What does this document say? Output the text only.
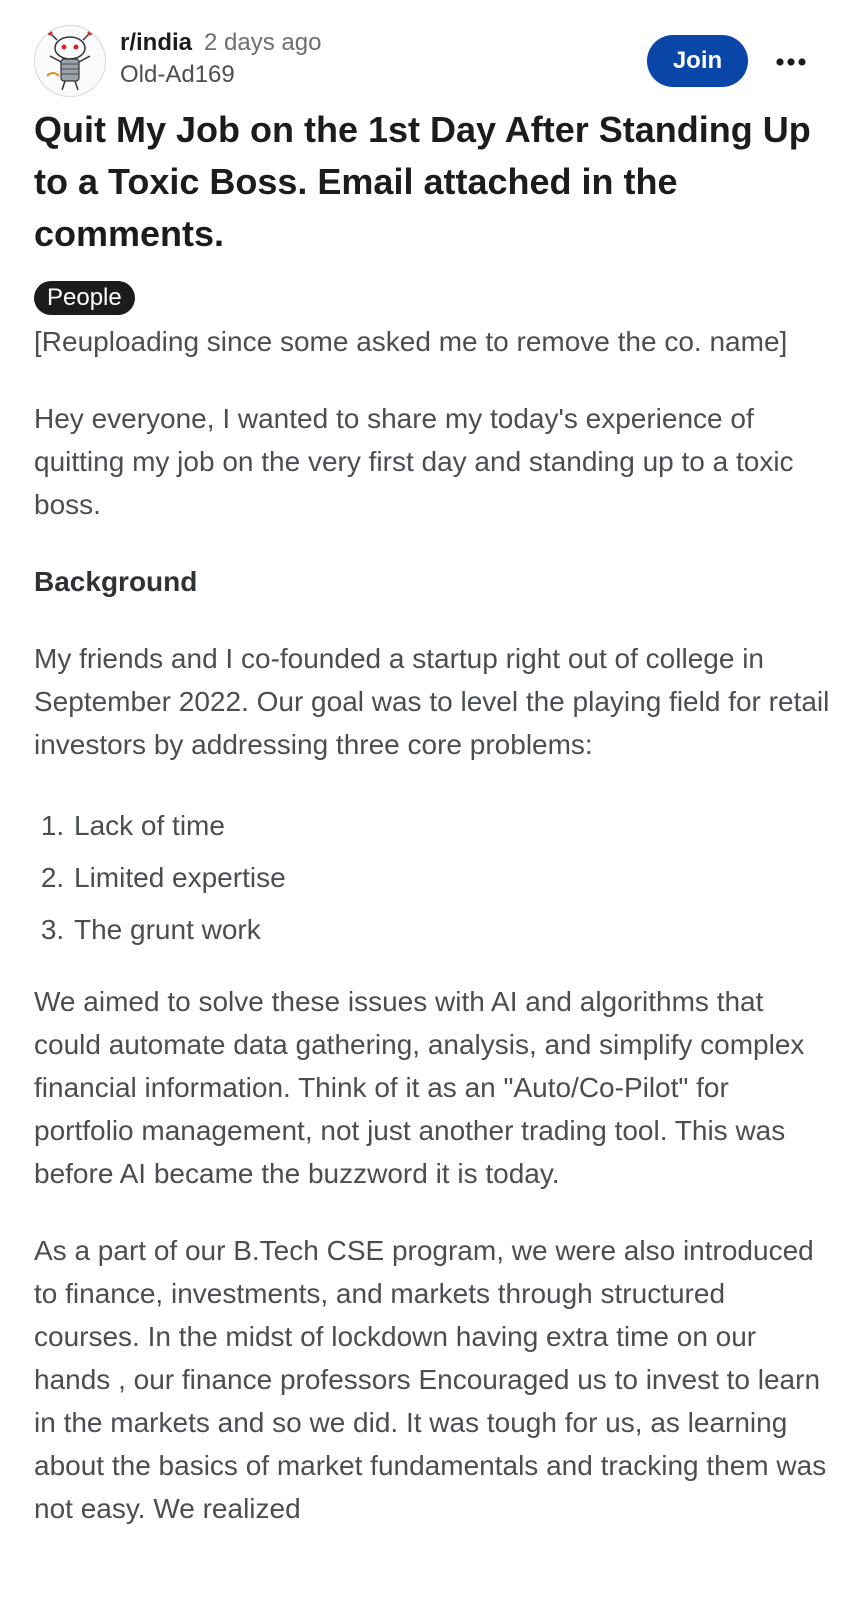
r/india 2 days ago
Old-Ad169
Join
Quit My Job on the 1st Day After Standing Up to a Toxic Boss. Email attached in the comments.
People

[Reuploading since some asked me to remove the co. name]

Hey everyone, I wanted to share my today's experience of quitting my job on the very first day and standing up to a toxic boss.

Background

My friends and I co-founded a startup right out of college in September 2022. Our goal was to level the playing field for retail investors by addressing three core problems:

1. Lack of time
2. Limited expertise
3. The grunt work

We aimed to solve these issues with AI and algorithms that could automate data gathering, analysis, and simplify complex financial information. Think of it as an "Auto/Co-Pilot" for portfolio management, not just another trading tool. This was before AI became the buzzword it is today.

As a part of our B.Tech CSE program, we were also introduced to finance, investments, and markets through structured courses. In the midst of lockdown having extra time on our hands , our finance professors Encouraged us to invest to learn in the markets and so we did. It was tough for us, as learning about the basics of market fundamentals and tracking them was not easy. We realized
